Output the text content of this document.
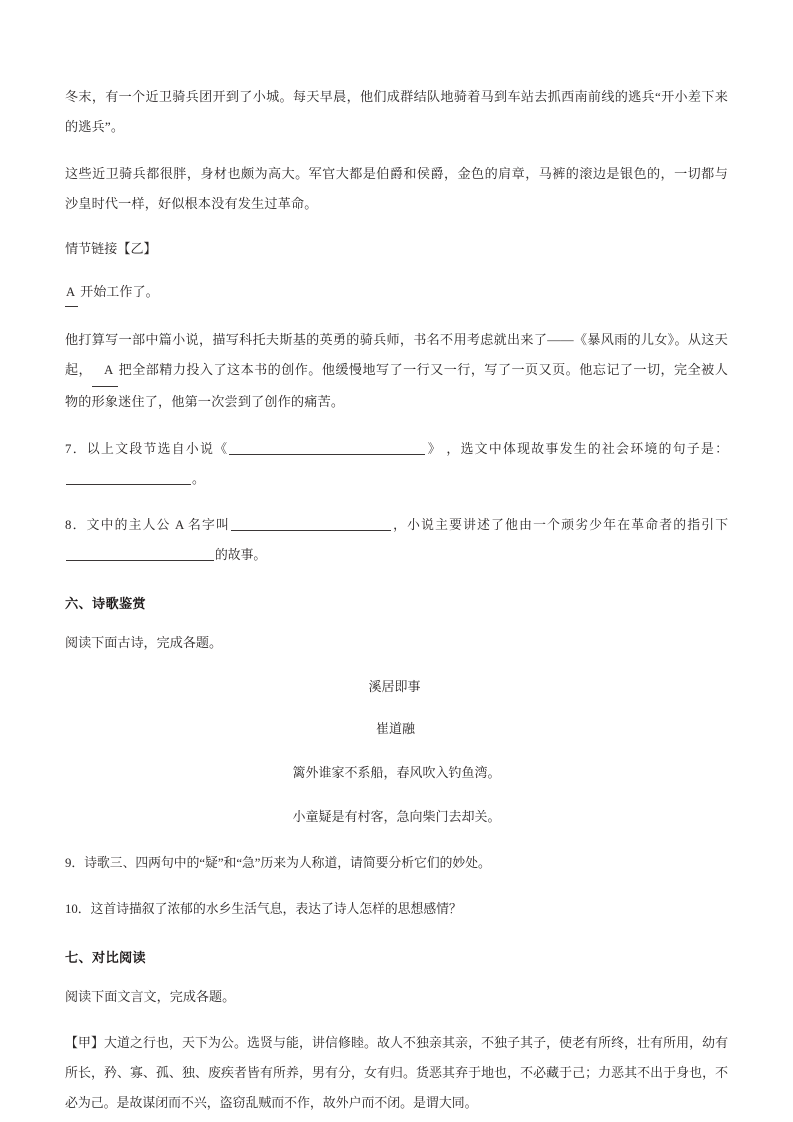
冬末，有一个近卫骑兵团开到了小城。每天早晨，他们成群结队地骑着马到车站去抓西南前线的逃兵“开小差下来的逃兵”。

这些近卫骑兵都很胖，身材也颇为高大。军官大都是伯爵和侯爵，金色的肩章，马裤的滚边是银色的，一切都与沙皇时代一样，好似根本没有发生过革命。

情节链接【乙】

A 开始工作了。

他打算写一部中篇小说，描写科托夫斯基的英勇的骑兵师，书名不用考虑就出来了——《暴风雨的儿女》。从这天起， A 把全部精力投入了这本书的创作。他缓慢地写了一行又一行，写了一页又页。他忘记了一切，完全被人物的形象迷住了，他第一次尝到了创作的痛苦。

7．以上文段节选自小说《	》 ，选文中体现故事发生的社会环境的句子是：。

8．文中的主人公 A 名字叫	，小说主要讲述了他由一个顽劣少年在革命者的指引下的故事。

六、诗歌鉴赏

阅读下面古诗，完成各题。

溪居即事
崔道融
篱外谁家不系船，春风吹入钓鱼湾。
小童疑是有村客，急向柴门去却关。

9．诗歌三、四两句中的“疑”和“急”历来为人称道，请简要分析它们的妙处。

10．这首诗描叙了浓郁的水乡生活气息，表达了诗人怎样的思想感情？

七、对比阅读

阅读下面文言文，完成各题。

【甲】大道之行也，天下为公。选贤与能，讲信修睦。故人不独亲其亲，不独子其子，使老有所终，壮有所用，幼有所长，矜、寡、孤、独、废疾者皆有所养，男有分，女有归。货恶其弃于地也，不必藏于己；力恶其不出于身也，不必为己。是故谋闭而不兴，盗窃乱贼而不作，故外户而不闭。是谓大同。
